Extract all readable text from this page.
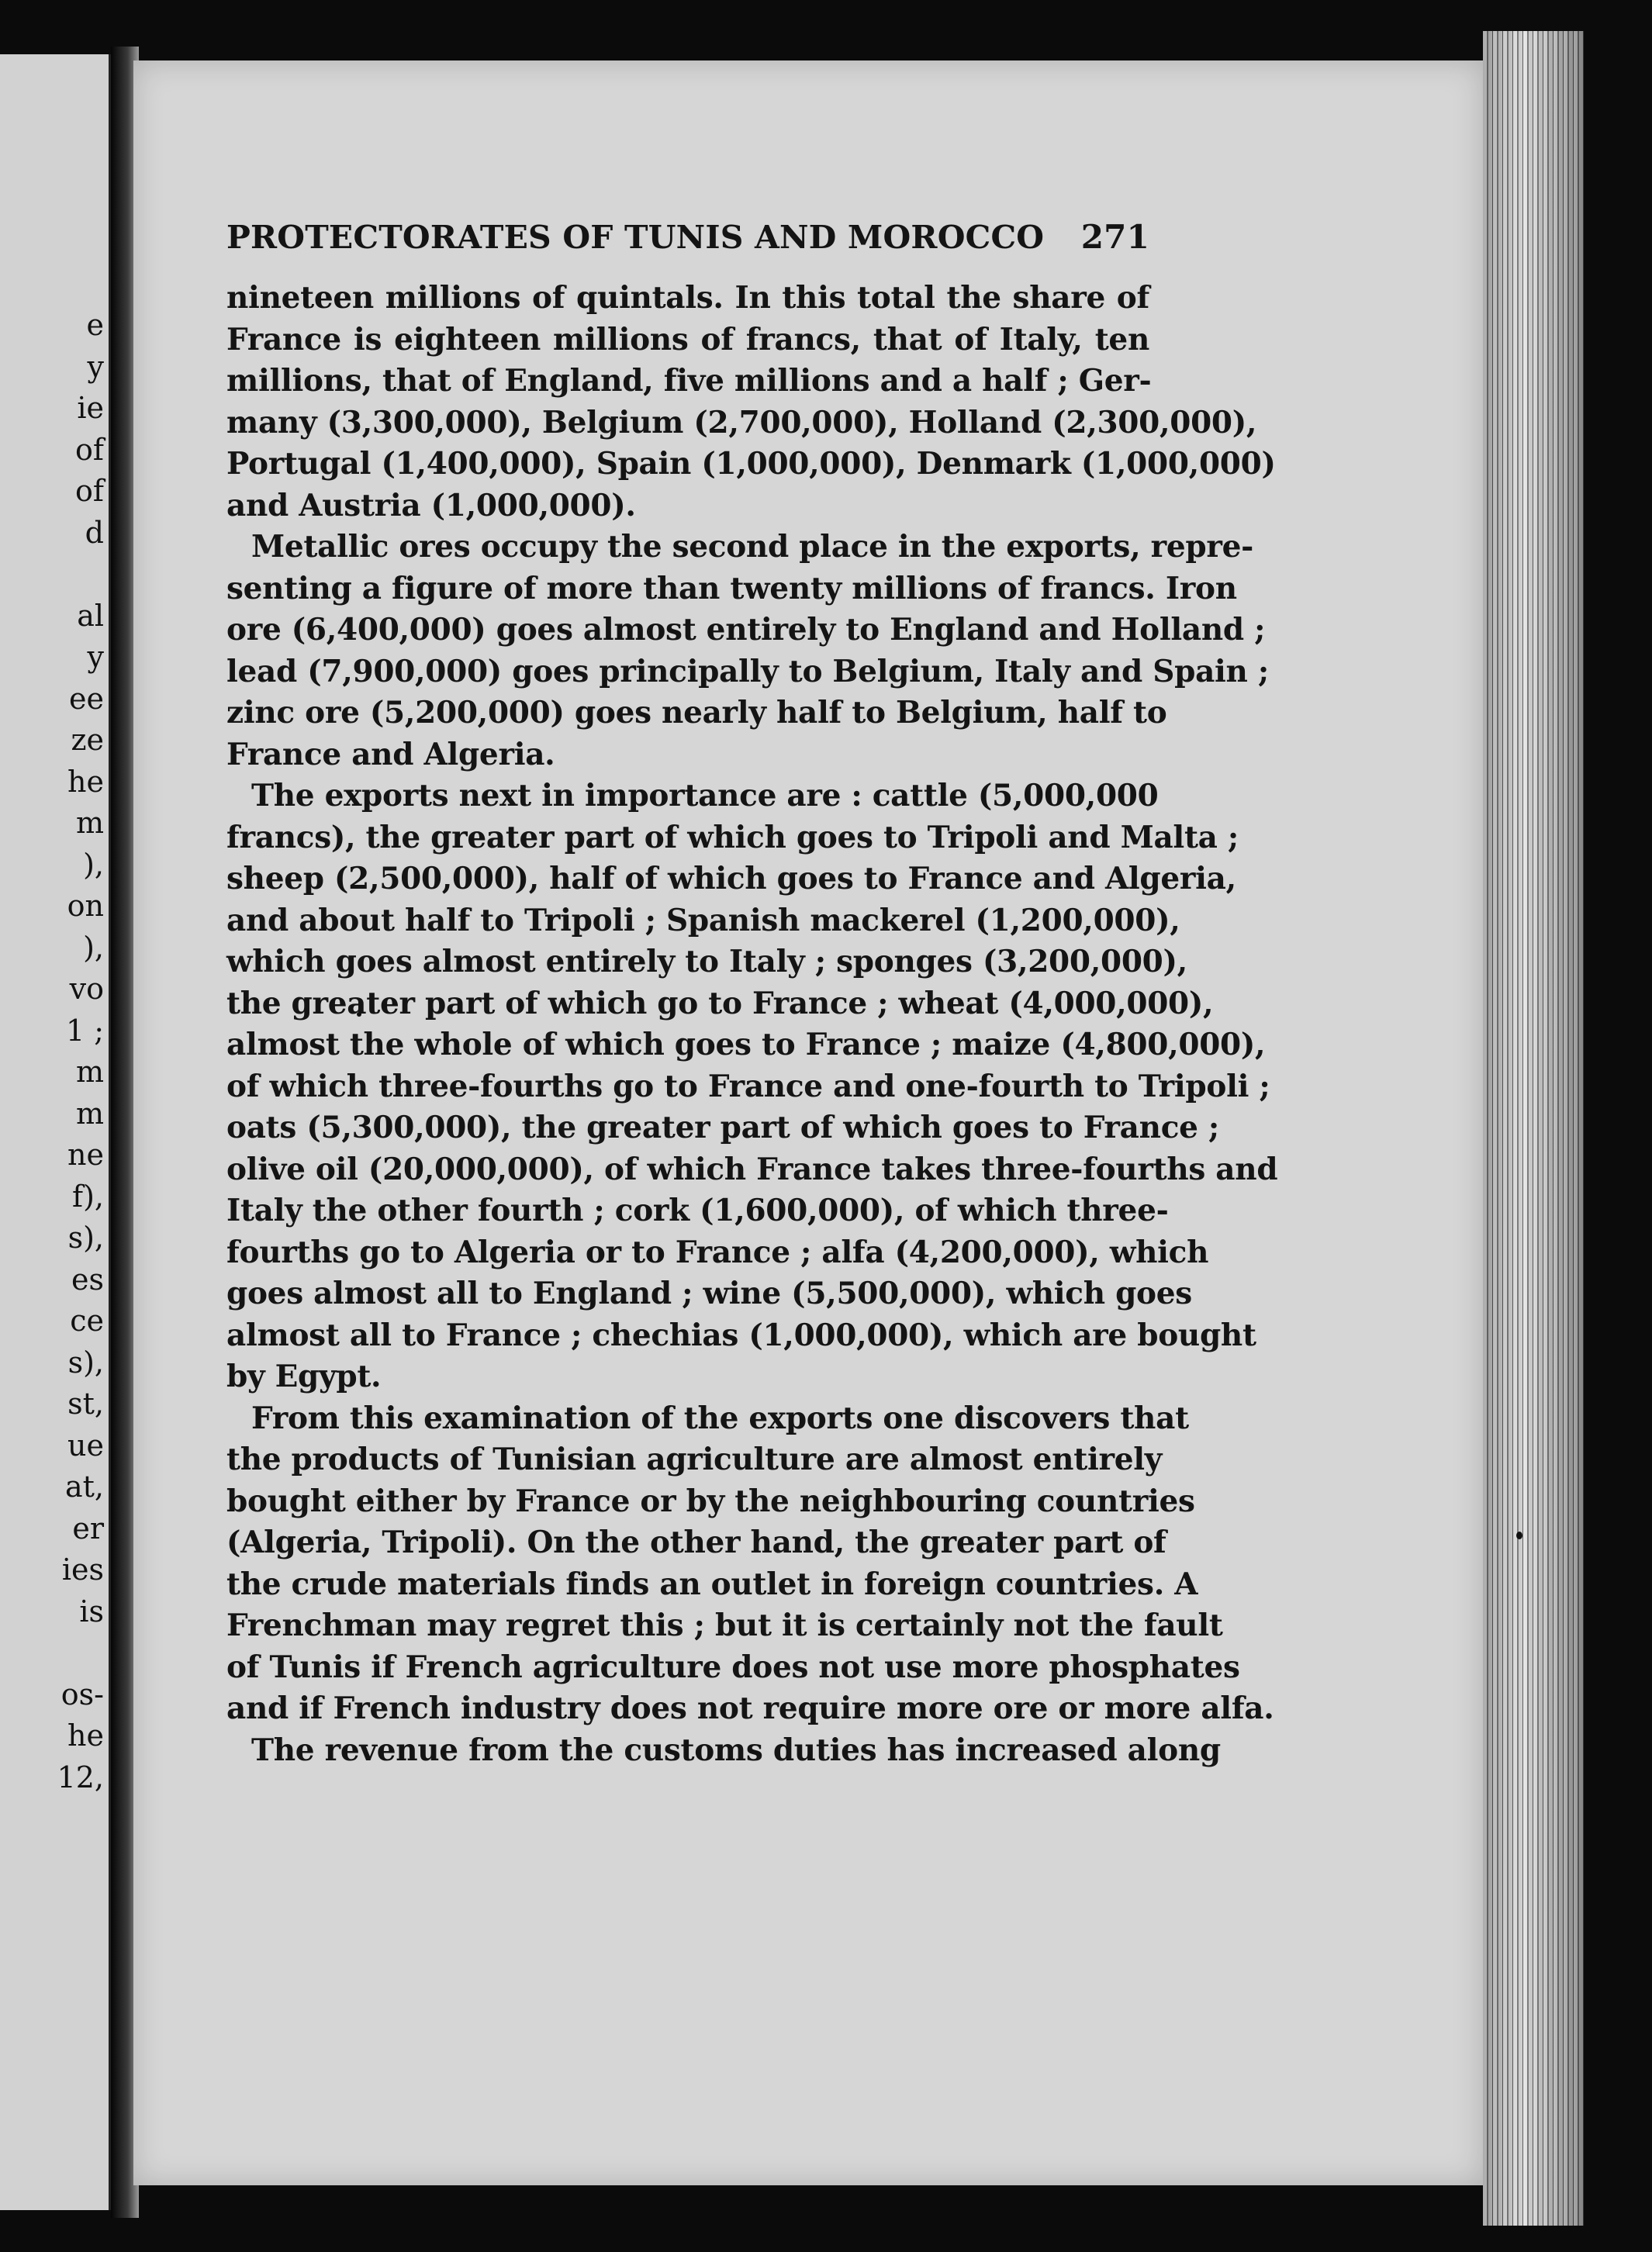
e
y
ie
of
of
d
al
y
ee
ze
he
m
),
on
),
vo
1 ;
m
m
ne
f),
s),
es
ce
s),
st,
ue
at,
er
ies
is
os-
he
12,
PROTECTORATES OF TUNIS AND MOROCCO 271
nineteen millions of quintals. In this total the share of
France is eighteen millions of francs, that of Italy, ten
millions, that of England, five millions and a half ; Ger-
many (3,300,000), Belgium (2,700,000), Holland (2,300,000),
Portugal (1,400,000), Spain (1,000,000), Denmark (1,000,000)
and Austria (1,000,000).
Metallic ores occupy the second place in the exports, repre-
senting a figure of more than twenty millions of francs. Iron
ore (6,400,000) goes almost entirely to England and Holland ;
lead (7,900,000) goes principally to Belgium, Italy and Spain ;
zinc ore (5,200,000) goes nearly half to Belgium, half to
France and Algeria.
The exports next in importance are : cattle (5,000,000
francs), the greater part of which goes to Tripoli and Malta ;
sheep (2,500,000), half of which goes to France and Algeria,
and about half to Tripoli ; Spanish mackerel (1,200,000),
which goes almost entirely to Italy ; sponges (3,200,000),
the greater part of which go to France ; wheat (4,000,000),
almost the whole of which goes to France ; maize (4,800,000),
of which three-fourths go to France and one-fourth to Tripoli ;
oats (5,300,000), the greater part of which goes to France ;
olive oil (20,000,000), of which France takes three-fourths and
Italy the other fourth ; cork (1,600,000), of which three-
fourths go to Algeria or to France ; alfa (4,200,000), which
goes almost all to England ; wine (5,500,000), which goes
almost all to France ; chechias (1,000,000), which are bought
by Egypt.
From this examination of the exports one discovers that
the products of Tunisian agriculture are almost entirely
bought either by France or by the neighbouring countries
(Algeria, Tripoli). On the other hand, the greater part of
the crude materials finds an outlet in foreign countries. A
Frenchman may regret this ; but it is certainly not the fault
of Tunis if French agriculture does not use more phosphates
and if French industry does not require more ore or more alfa.
The revenue from the customs duties has increased along
